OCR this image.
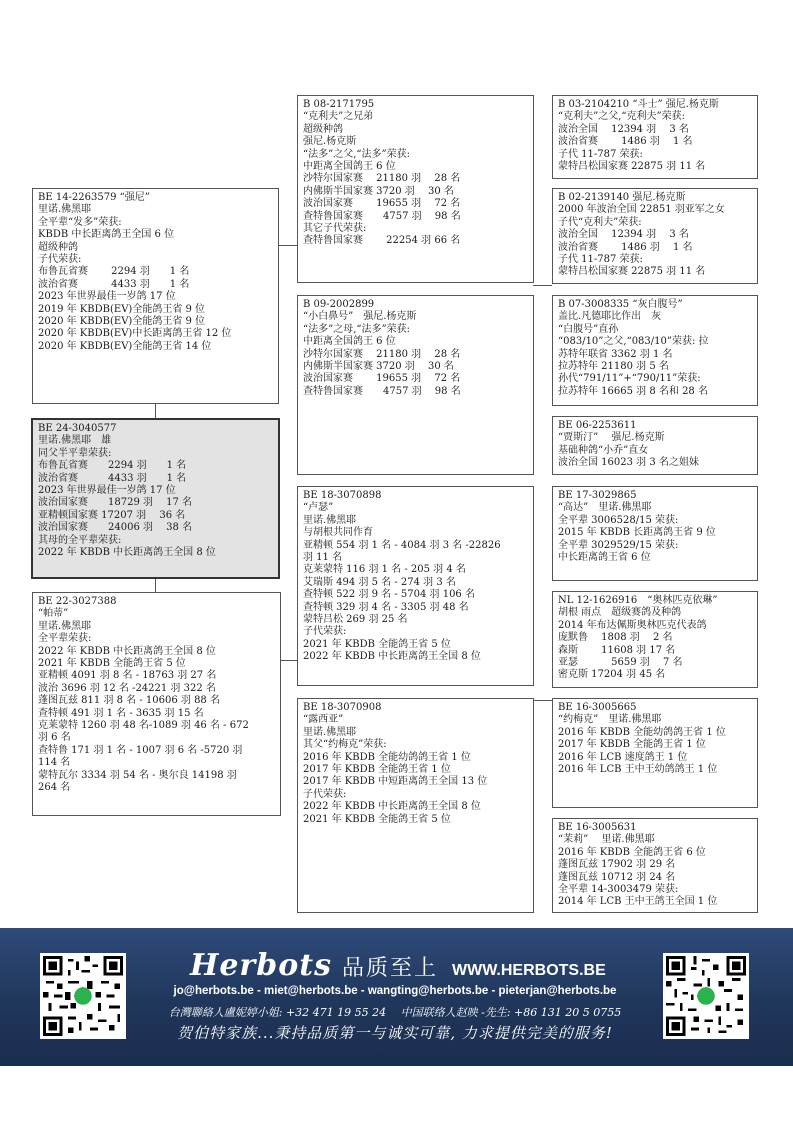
BE 14-2263579 “强尼”
里诺.佛黑耶
全平辈“发多”荣获:
KBDB 中长距离鸽王全国 6 位
超级种鸽
子代荣获:
布鲁瓦省赛　　 2294 羽　　1 名
波治省赛　　　 4433 羽　　1 名
2023 年世界最佳一岁鸽 17 位
2019 年 KBDB(EV)全能鸽王省 9 位
2020 年 KBDB(EV)全能鸽王省 9 位
2020 年 KBDB(EV)中长距离鸽王省 12 位
2020 年 KBDB(EV)全能鸽王省 14 位
BE 24-3040577
里诺.佛黑耶　雄
同父半平辈荣获:
布鲁瓦省赛　　2294 羽　　1 名
波治省赛　　　4433 羽　　1 名
2023 年世界最佳一岁鸽 17 位
波治国家赛　　18729 羽　 17 名
亚精顿国家赛 17207 羽　 36 名
波治国家赛　　24006 羽　 38 名
其母的全平辈荣获:
2022 年 KBDB 中长距离鸽王全国 8 位
BE 22-3027388
“帕蒂”
里诺.佛黑耶
全平辈荣获:
2022 年 KBDB 中长距离鸽王全国 8 位
2021 年 KBDB 全能鸽王省 5 位
亚精顿 4091 羽 8 名 - 18763 羽 27 名
波治 3696 羽 12 名 -24221 羽 322 名
蓬图瓦兹 811 羽 8 名 - 10606 羽 88 名
查特顿 491 羽 1 名 - 3635 羽 15 名
克莱蒙特 1260 羽 48 名-1089 羽 46 名 - 672
羽 6 名
查特鲁 171 羽 1 名 - 1007 羽 6 名 -5720 羽
114 名
蒙特瓦尔 3334 羽 54 名 - 奥尔良 14198 羽
264 名
B 08-2171795
“克利夫”之兄弟
超级种鸽
强尼.杨克斯
“法多”之父,“法多”荣获:
中距离全国鸽王 6 位
沙特尔国家赛　 21180 羽　 28 名
内佛斯半国家赛 3720 羽　 30 名
波治国家赛　　 19655 羽　 72 名
查特鲁国家赛　　4757 羽　 98 名
其它子代荣获:
查特鲁国家赛　　 22254 羽 66 名
B 09-2002899
“小白鼻号”　强尼.杨克斯
“法多”之母,“法多”荣获:
中距离全国鸽王 6 位
沙特尔国家赛　 21180 羽　 28 名
内佛斯半国家赛 3720 羽　 30 名
波治国家赛　　 19655 羽　 72 名
查特鲁国家赛　　4757 羽　 98 名
BE 18-3070898
“卢瑟”
里诺.佛黑耶
与胡根共同作育
亚精顿 554 羽 1 名 - 4084 羽 3 名 -22826
羽 11 名
克莱蒙特 116 羽 1 名 - 205 羽 4 名
艾瑞斯 494 羽 5 名 - 274 羽 3 名
查特顿 522 羽 9 名 - 5704 羽 106 名
查特顿 329 羽 4 名 - 3305 羽 48 名
蒙特吕松 269 羽 25 名
子代荣获:
2021 年 KBDB 全能鸽王省 5 位
2022 年 KBDB 中长距离鸽王全国 8 位
BE 18-3070908
“露西亚”
里诺.佛黑耶
其父“约梅克”荣获:
2016 年 KBDB 全能幼鸽鸽王省 1 位
2017 年 KBDB 全能鸽王省 1 位
2017 年 KBDB 中短距离鸽王全国 13 位
子代荣获:
2022 年 KBDB 中长距离鸽王全国 8 位
2021 年 KBDB 全能鸽王省 5 位
B 03-2104210 “斗士” 强尼.杨克斯
“克利夫”之父,“克利夫”荣获:
波治全国　 12394 羽　 3 名
波治省赛　　 1486 羽　 1 名
子代 11-787 荣获:
蒙特吕松国家赛 22875 羽 11 名
B 02-2139140 强尼.杨克斯
2000 年波治全国 22851 羽亚军之女
子代“克利夫”荣获:
波治全国　 12394 羽　 3 名
波治省赛　　 1486 羽　 1 名
子代 11-787 荣获:
蒙特吕松国家赛 22875 羽 11 名
B 07-3008335 “灰白腹号”
盖比.凡德耶比作出　灰
“白腹号”直孙
“083/10”之父,“083/10”荣获: 拉
苏特年联省 3362 羽 1 名
拉苏特年 21180 羽 5 名
孙代“791/11”+“790/11”荣获:
拉苏特年 16665 羽 8 名和 28 名
BE 06-2253611
“贾斯汀”　 强尼.杨克斯
基础种鸽“小乔”直女
波治全国 16023 羽 3 名之姐妹
BE 17-3029865
“高达”　里诺.佛黑耶
全平辈 3006528/15 荣获:
2015 年 KBDB 长距离鸽王省 9 位
全平辈 3029529/15 荣获:
中长距离鸽王省 6 位
NL 12-1626916　“奥林匹克依琳”
胡根 雨点　超级赛鸽及种鸽
2014 年布达佩斯奥林匹克代表鸽
庞默鲁　 1808 羽　 2 名
森斯　　 11608 羽 17 名
亚瑟　　　 5659 羽　 7 名
密克斯 17204 羽 45 名
BE 16-3005665
“约梅克”　里诺.佛黑耶
2016 年 KBDB 全能幼鸽鸽王省 1 位
2017 年 KBDB 全能鸽王省 1 位
2016 年 LCB 速度鸽王 1 位
2016 年 LCB 王中王幼鸽鸽王 1 位
BE 16-3005631
“茉莉”　 里诺.佛黑耶
2016 年 KBDB 全能鸽王省 6 位
蓬图瓦兹 17902 羽 29 名
蓬图瓦兹 10712 羽 24 名
全平辈 14-3003479 荣获:
2014 年 LCB 王中王鸽王全国 1 位
Herbots 品质至上 WWW.HERBOTS.BE
jo@herbots.be - miet@herbots.be - wangting@herbots.be - pieterjan@herbots.be
台灣聯絡人盧妮婷小姐: +32 471 19 55 24　 中国联络人赵映 -先生: +86 131 20 5 0755
贺伯特家族...秉持品质第一与诚实可靠, 力求提供完美的服务!
